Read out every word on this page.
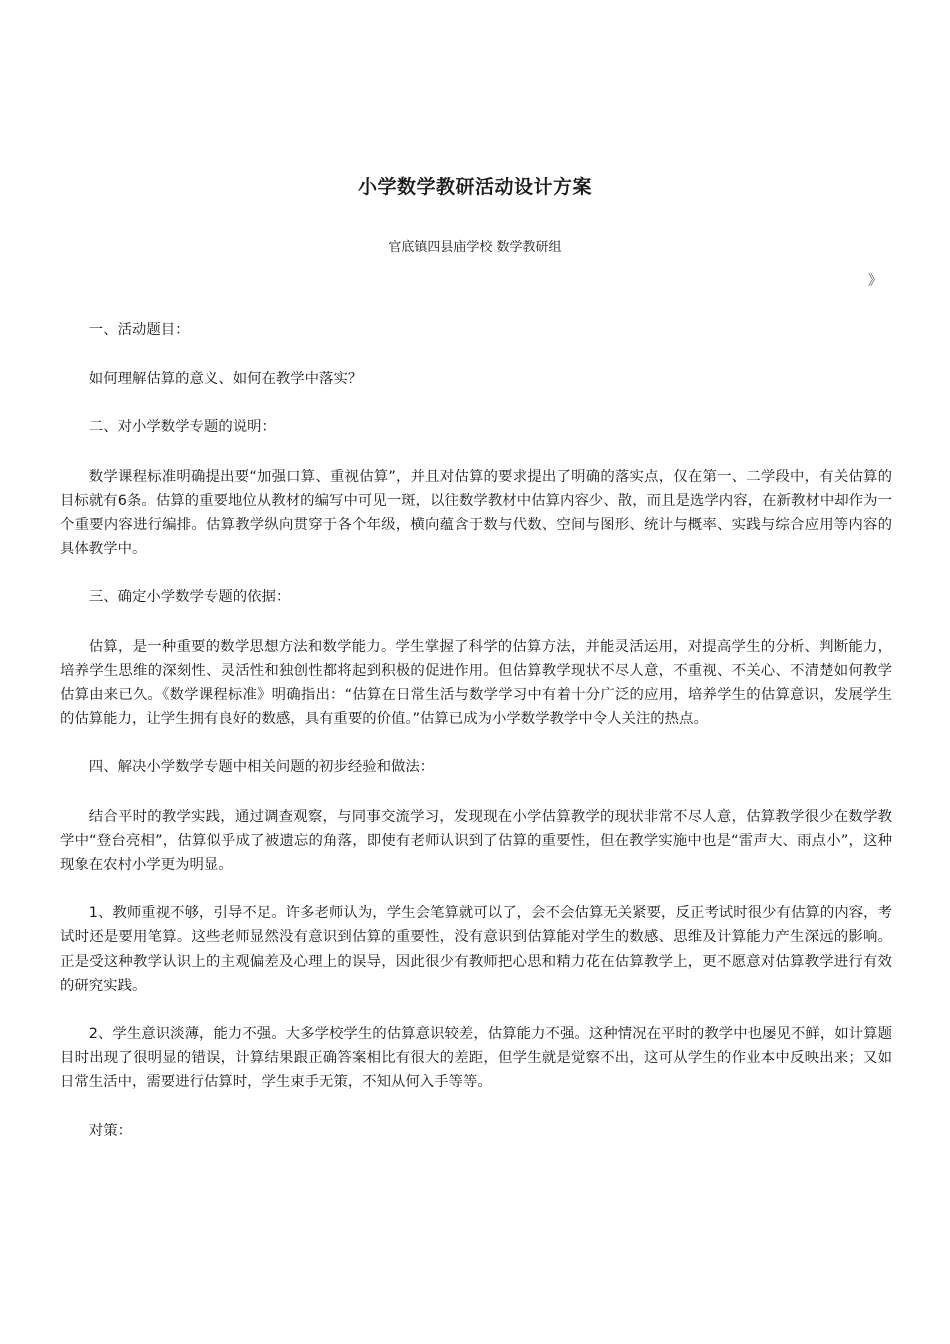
小学数学教研活动设计方案
官底镇四县庙学校 数学教研组
》

一、活动题目：

如何理解估算的意义、如何在教学中落实？

二、对小学数学专题的说明：

数学课程标准明确提出要“加强口算、重视估算”，并且对估算的要求提出了明确的落实点，仅在第一、二学段中，有关估算的目标就有6条。估算的重要地位从教材的编写中可见一斑，以往数学教材中估算内容少、散，而且是选学内容，在新教材中却作为一个重要内容进行编排。估算教学纵向贯穿于各个年级，横向蕴含于数与代数、空间与图形、统计与概率、实践与综合应用等内容的具体教学中。

三、确定小学数学专题的依据：

估算，是一种重要的数学思想方法和数学能力。学生掌握了科学的估算方法，并能灵活运用，对提高学生的分析、判断能力，培养学生思维的深刻性、灵活性和独创性都将起到积极的促进作用。但估算教学现状不尽人意，不重视、不关心、不清楚如何教学估算由来已久。《数学课程标准》明确指出：“估算在日常生活与数学学习中有着十分广泛的应用，培养学生的估算意识，发展学生的估算能力，让学生拥有良好的数感，具有重要的价值。”估算已成为小学数学教学中令人关注的热点。

四、解决小学数学专题中相关问题的初步经验和做法：

结合平时的教学实践，通过调查观察，与同事交流学习，发现现在小学估算教学的现状非常不尽人意，估算教学很少在数学教学中“登台亮相”，估算似乎成了被遗忘的角落，即使有老师认识到了估算的重要性，但在教学实施中也是“雷声大、雨点小”，这种现象在农村小学更为明显。

1、教师重视不够，引导不足。许多老师认为，学生会笔算就可以了，会不会估算无关紧要，反正考试时很少有估算的内容，考试时还是要用笔算。这些老师显然没有意识到估算的重要性，没有意识到估算能对学生的数感、思维及计算能力产生深远的影响。正是受这种教学认识上的主观偏差及心理上的误导，因此很少有教师把心思和精力花在估算教学上，更不愿意对估算教学进行有效的研究实践。

2、学生意识淡薄，能力不强。大多学校学生的估算意识较差，估算能力不强。这种情况在平时的教学中也屡见不鲜，如计算题目时出现了很明显的错误，计算结果跟正确答案相比有很大的差距，但学生就是觉察不出，这可从学生的作业本中反映出来；又如日常生活中，需要进行估算时，学生束手无策，不知从何入手等等。

对策：
